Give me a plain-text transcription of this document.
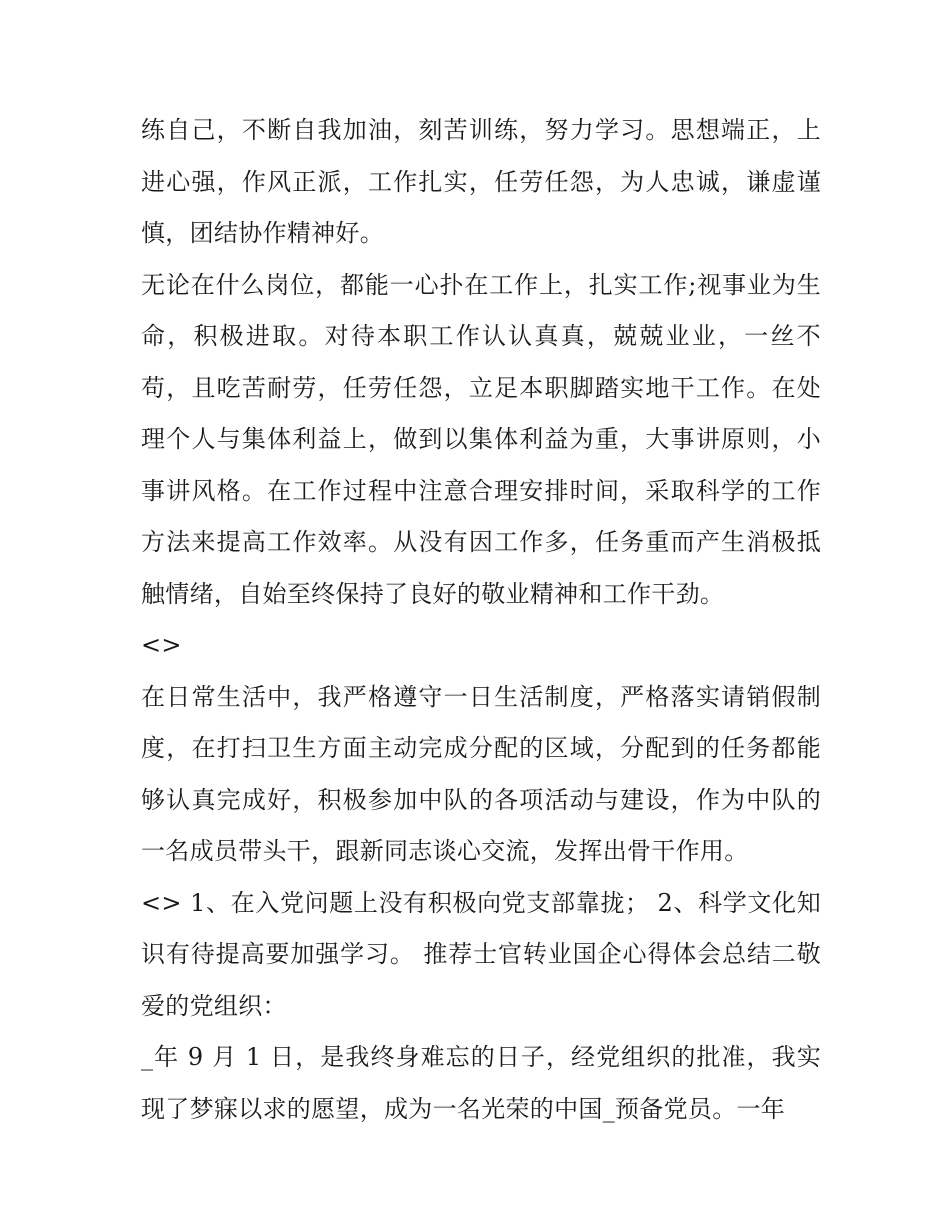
练自己，不断自我加油，刻苦训练，努力学习。思想端正，上进心强，作风正派，工作扎实，任劳任怨，为人忠诚，谦虚谨慎，团结协作精神好。

无论在什么岗位，都能一心扑在工作上，扎实工作;视事业为生命，积极进取。对待本职工作认认真真，兢兢业业，一丝不苟，且吃苦耐劳，任劳任怨，立足本职脚踏实地干工作。在处理个人与集体利益上，做到以集体利益为重，大事讲原则，小事讲风格。在工作过程中注意合理安排时间，采取科学的工作方法来提高工作效率。从没有因工作多，任务重而产生消极抵触情绪，自始至终保持了良好的敬业精神和工作干劲。

<>

在日常生活中，我严格遵守一日生活制度，严格落实请销假制度，在打扫卫生方面主动完成分配的区域，分配到的任务都能够认真完成好，积极参加中队的各项活动与建设，作为中队的一名成员带头干，跟新同志谈心交流，发挥出骨干作用。

<> 1、在入党问题上没有积极向党支部靠拢； 2、科学文化知识有待提高要加强学习。 推荐士官转业国企心得体会总结二敬爱的党组织：

_年 9 月 1 日，是我终身难忘的日子，经党组织的批准，我实现了梦寐以求的愿望，成为一名光荣的中国_预备党员。一年
